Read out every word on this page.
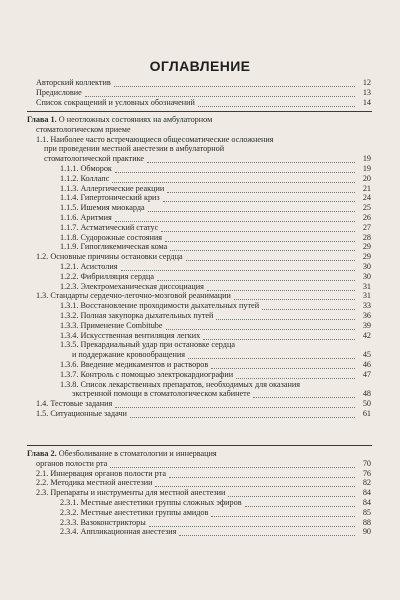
ОГЛАВЛЕНИЕ
Авторский коллектив	12
Предисловие	13
Список сокращений и условных обозначений	14
Глава 1. О неотложных состояниях на амбулаторном
стоматологическом приеме
1.1. Наиболее часто встречающиеся общесоматические осложнения
при проведении местной анестезии в амбулаторной
стоматологической практике	19
1.1.1. Обморок	19
1.1.2. Коллапс	20
1.1.3. Аллергические реакции	21
1.1.4. Гипертонический криз	24
1.1.5. Ишемия миокарда	25
1.1.6. Аритмия	26
1.1.7. Астматический статус	27
1.1.8. Судорожные состояния	28
1.1.9. Гипогликемическая кома	29
1.2. Основные причины остановки сердца	29
1.2.1. Асистолия	30
1.2.2. Фибрилляция сердца	30
1.2.3. Электромеханическая диссоциация	31
1.3. Стандарты сердечно-легочно-мозговой реанимации	31
1.3.1. Восстановление проходимости дыхательных путей	33
1.3.2. Полная закупорка дыхательных путей	36
1.3.3. Применение Combitube	39
1.3.4. Искусственная вентиляция легких	42
1.3.5. Прекардиальный удар при остановке сердца
и поддержание кровообращения	45
1.3.6. Введение медикаментов и растворов	46
1.3.7. Контроль с помощью электрокардиографии	47
1.3.8. Список лекарственных препаратов, необходимых для оказания
экстренной помощи в стоматологическом кабинете	48
1.4. Тестовые задания	50
1.5. Ситуационные задачи	61
Глава 2. Обезболивание в стоматологии и иннервация
органов полости рта	70
2.1. Иннервация органов полости рта	76
2.2. Методика местной анестезии	82
2.3. Препараты и инструменты для местной анестезии	84
2.3.1. Местные анестетики группы сложных эфиров	84
2.3.2. Местные анестетики группы амидов	85
2.3.3. Вазоконстрикторы	88
2.3.4. Аппликационная анестезия	90
